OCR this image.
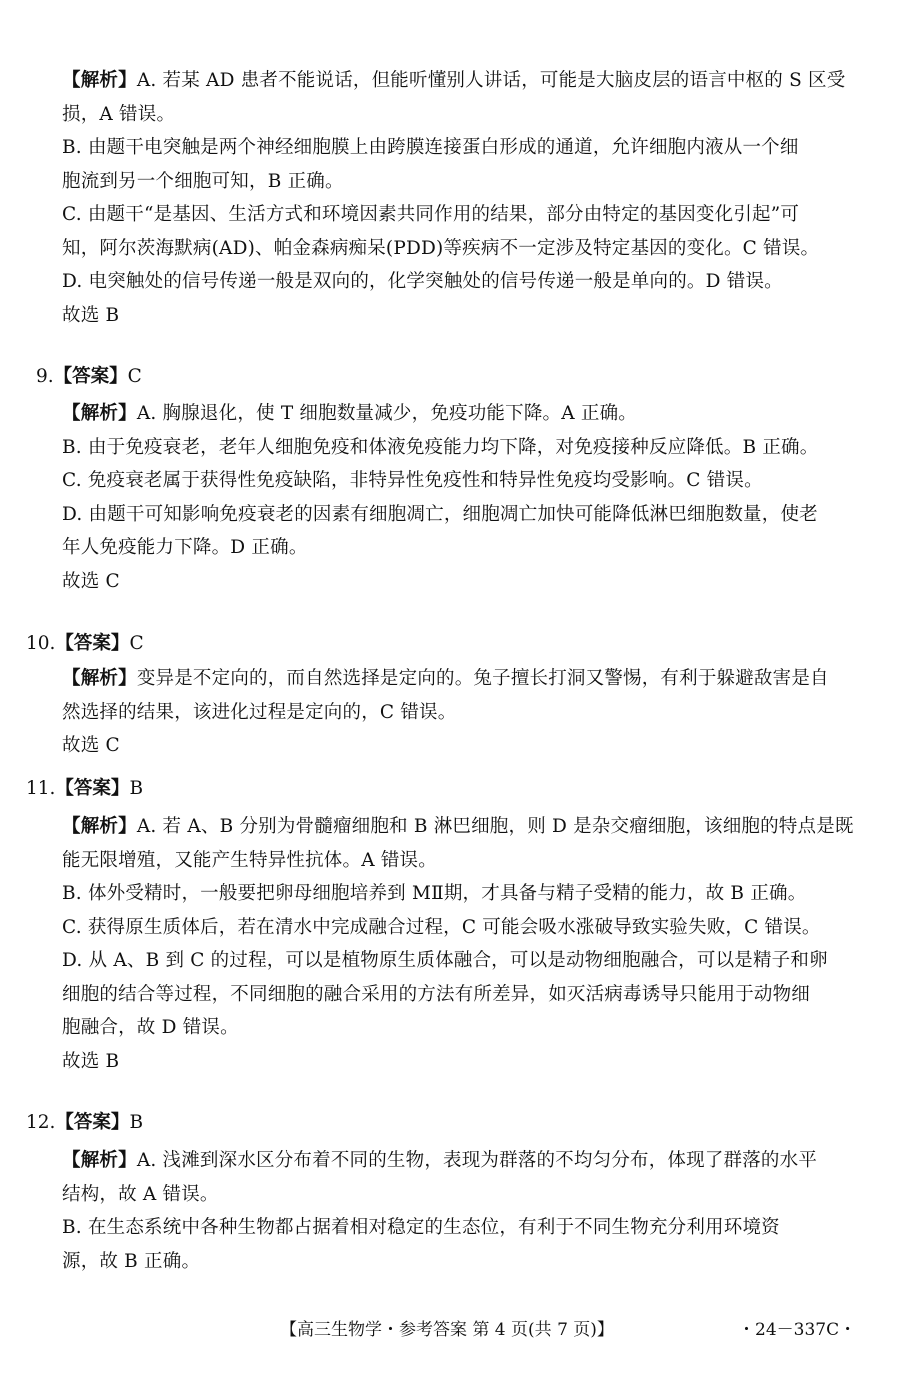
【解析】A. 若某 AD 患者不能说话，但能听懂别人讲话，可能是大脑皮层的语言中枢的 S 区受
损，A 错误。
B. 由题干电突触是两个神经细胞膜上由跨膜连接蛋白形成的通道，允许细胞内液从一个细
胞流到另一个细胞可知，B 正确。
C. 由题干“是基因、生活方式和环境因素共同作用的结果，部分由特定的基因变化引起”可
知，阿尔茨海默病(AD)、帕金森病痴呆(PDD)等疾病不一定涉及特定基因的变化。C 错误。
D. 电突触处的信号传递一般是双向的，化学突触处的信号传递一般是单向的。D 错误。
故选 B
9.【答案】C
【解析】A. 胸腺退化，使 T 细胞数量减少，免疫功能下降。A 正确。
B. 由于免疫衰老，老年人细胞免疫和体液免疫能力均下降，对免疫接种反应降低。B 正确。
C. 免疫衰老属于获得性免疫缺陷，非特异性免疫性和特异性免疫均受影响。C 错误。
D. 由题干可知影响免疫衰老的因素有细胞凋亡，细胞凋亡加快可能降低淋巴细胞数量，使老
年人免疫能力下降。D 正确。
故选 C
10.【答案】C
【解析】变异是不定向的，而自然选择是定向的。兔子擅长打洞又警惕，有利于躲避敌害是自
然选择的结果，该进化过程是定向的，C 错误。
故选 C
11.【答案】B
【解析】A. 若 A、B 分别为骨髓瘤细胞和 B 淋巴细胞，则 D 是杂交瘤细胞，该细胞的特点是既
能无限增殖，又能产生特异性抗体。A 错误。
B. 体外受精时，一般要把卵母细胞培养到 MⅡ期，才具备与精子受精的能力，故 B 正确。
C. 获得原生质体后，若在清水中完成融合过程，C 可能会吸水涨破导致实验失败，C 错误。
D. 从 A、B 到 C 的过程，可以是植物原生质体融合，可以是动物细胞融合，可以是精子和卵
细胞的结合等过程，不同细胞的融合采用的方法有所差异，如灭活病毒诱导只能用于动物细
胞融合，故 D 错误。
故选 B
12.【答案】B
【解析】A. 浅滩到深水区分布着不同的生物，表现为群落的不均匀分布，体现了群落的水平
结构，故 A 错误。
B. 在生态系统中各种生物都占据着相对稳定的生态位，有利于不同生物充分利用环境资
源，故 B 正确。
【高三生物学・参考答案 第 4 页(共 7 页)】	・24－337C・
